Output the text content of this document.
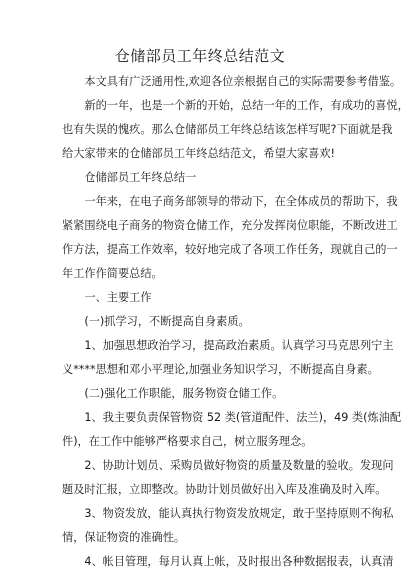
仓储部员工年终总结范文
　　本文具有广泛通用性,欢迎各位亲根据自己的实际需要参考借鉴。
　　新的一年，也是一个新的开始，总结一年的工作，有成功的喜悦，
也有失误的愧疚。那么仓储部员工年终总结该怎样写呢?下面就是我
给大家带来的仓储部员工年终总结范文，希望大家喜欢!
　　仓储部员工年终总结一
　　一年来，在电子商务部领导的带动下，在全体成员的帮助下，我
紧紧围绕电子商务的物资仓储工作，充分发挥岗位职能，不断改进工
作方法，提高工作效率，较好地完成了各项工作任务，现就自己的一
年工作作简要总结。
　　一、主要工作
　　(一)抓学习，不断提高自身素质。
　　1、加强思想政治学习，提高政治素质。认真学习马克思列宁主
义****思想和邓小平理论,加强业务知识学习，不断提高自身素。
　　(二)强化工作职能，服务物资仓储工作。
　　1、我主要负责保管物资 52 类(管道配件、法兰)，49 类(炼油配
件)，在工作中能够严格要求自己，树立服务理念。
　　2、协助计划员、采购员做好物资的质量及数量的验收。发现问
题及时汇报，立即整改。协助计划员做好出入库及准确及时入库。
　　3、物资发放，能认真执行物资发放规定，敢于坚持原则不徇私
情，保证物资的准确性。
　　4、帐目管理，每月认真上帐，及时报出各种数据报表，认真清
